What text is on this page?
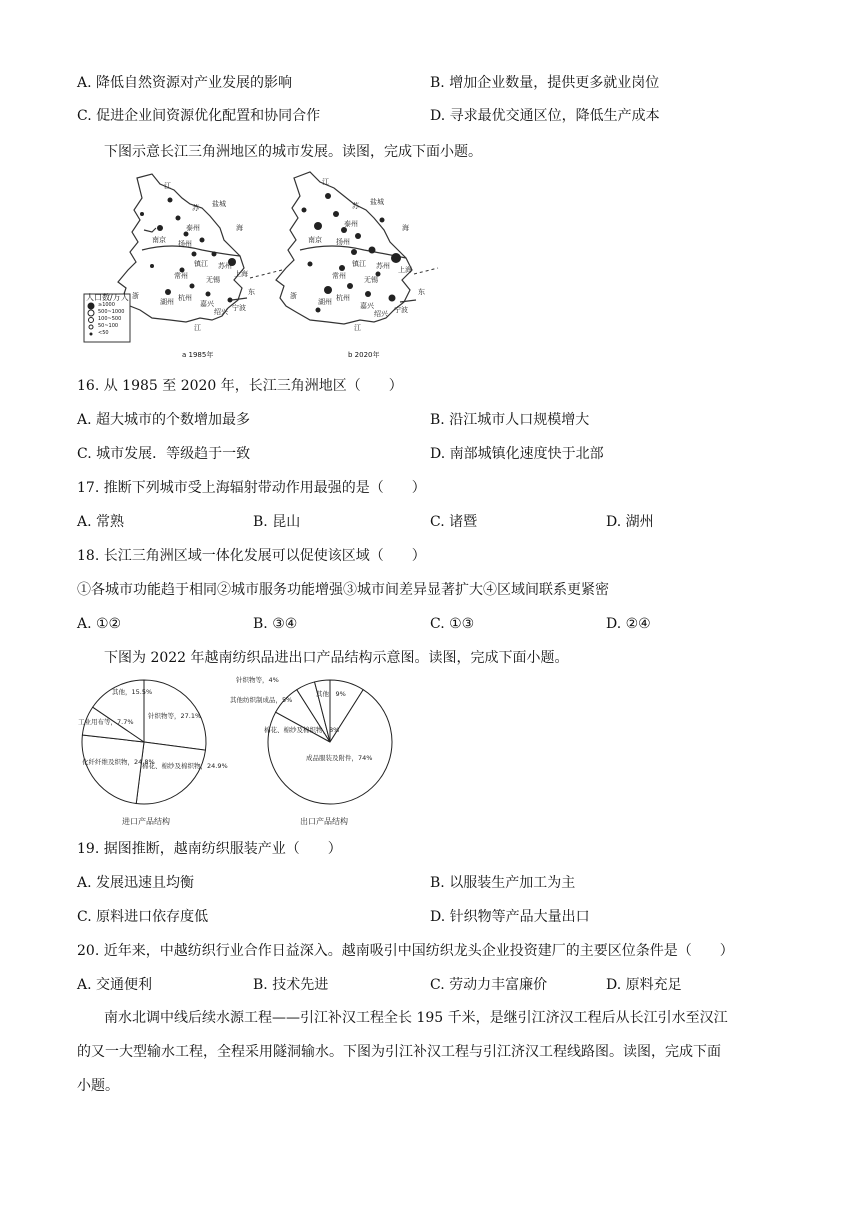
A. 降低自然资源对产业发展的影响	B. 增加企业数量，提供更多就业岗位
C. 促进企业间资源优化配置和协同合作	D. 寻求最优交通区位，降低生产成本
下图示意长江三角洲地区的城市发展。读图，完成下面小题。
江
苏 盐城
泰州
扬州
南京
镇江
常州	无锡
苏州
上海
湖州 杭州
嘉兴
绍兴 宁波
浙
江
东
海
江
苏 盐城
泰州
扬州
南京
镇江
常州	无锡
苏州 上海
湖州 杭州
嘉兴
绍兴 宁波
浙
江
东
海
人口数/万人
≥1000
500~1000
100~500
50~100
<50
a 1985年	b 2020年
16. 从 1985 至 2020 年，长江三角洲地区（　　）
A. 超大城市的个数增加最多	B. 沿江城市人口规模增大
C. 城市发展．等级趋于一致	D. 南部城镇化速度快于北部
17. 推断下列城市受上海辐射带动作用最强的是（　　）
A. 常熟	B. 昆山	C. 诸暨	D. 湖州
18. 长江三角洲区域一体化发展可以促使该区域（　　）
①各城市功能趋于相同②城市服务功能增强③城市间差异显著扩大④区域间联系更紧密
A. ①②	B. ③④	C. ①③	D. ②④
下图为 2022 年越南纺织品进出口产品结构示意图。读图，完成下面小题。
其他，15.5%
针织物等，27.1%
工业用布等，7.7%
化纤纤维及织物，24.8%
棉花、棉纱及棉织物，24.9%
其他，9%
针织物等，4%
其他纺织制成品，5%
棉花、棉纱及棉织物，8%
成品服装及附件，74%
进口产品结构	出口产品结构
19. 据图推断，越南纺织服装产业（　　）
A. 发展迅速且均衡	B. 以服装生产加工为主
C. 原料进口依存度低	D. 针织物等产品大量出口
20. 近年来，中越纺织行业合作日益深入。越南吸引中国纺织龙头企业投资建厂的主要区位条件是（　　）
A. 交通便利	B. 技术先进	C. 劳动力丰富廉价	D. 原料充足
南水北调中线后续水源工程——引江补汉工程全长 195 千米，是继引江济汉工程后从长江引水至汉江
的又一大型输水工程，全程采用隧洞输水。下图为引江补汉工程与引江济汉工程线路图。读图，完成下面
小题。
